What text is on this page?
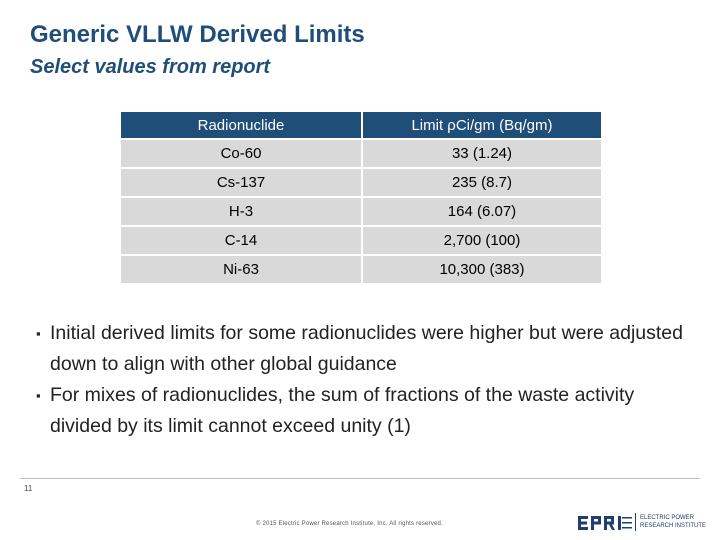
Generic VLLW Derived Limits
Select values from report
Radionuclide	Limit ρCi/gm (Bq/gm)
Co-60	33 (1.24)
Cs-137	235 (8.7)
H-3	164 (6.07)
C-14	2,700 (100)
Ni-63	10,300 (383)
▪ Initial derived limits for some radionuclides were higher but were adjusted down to align with other global guidance
▪ For mixes of radionuclides, the sum of fractions of the waste activity divided by its limit cannot exceed unity (1)
11
© 2015 Electric Power Research Institute, Inc. All rights reserved.
ELECTRIC POWER
RESEARCH INSTITUTE
